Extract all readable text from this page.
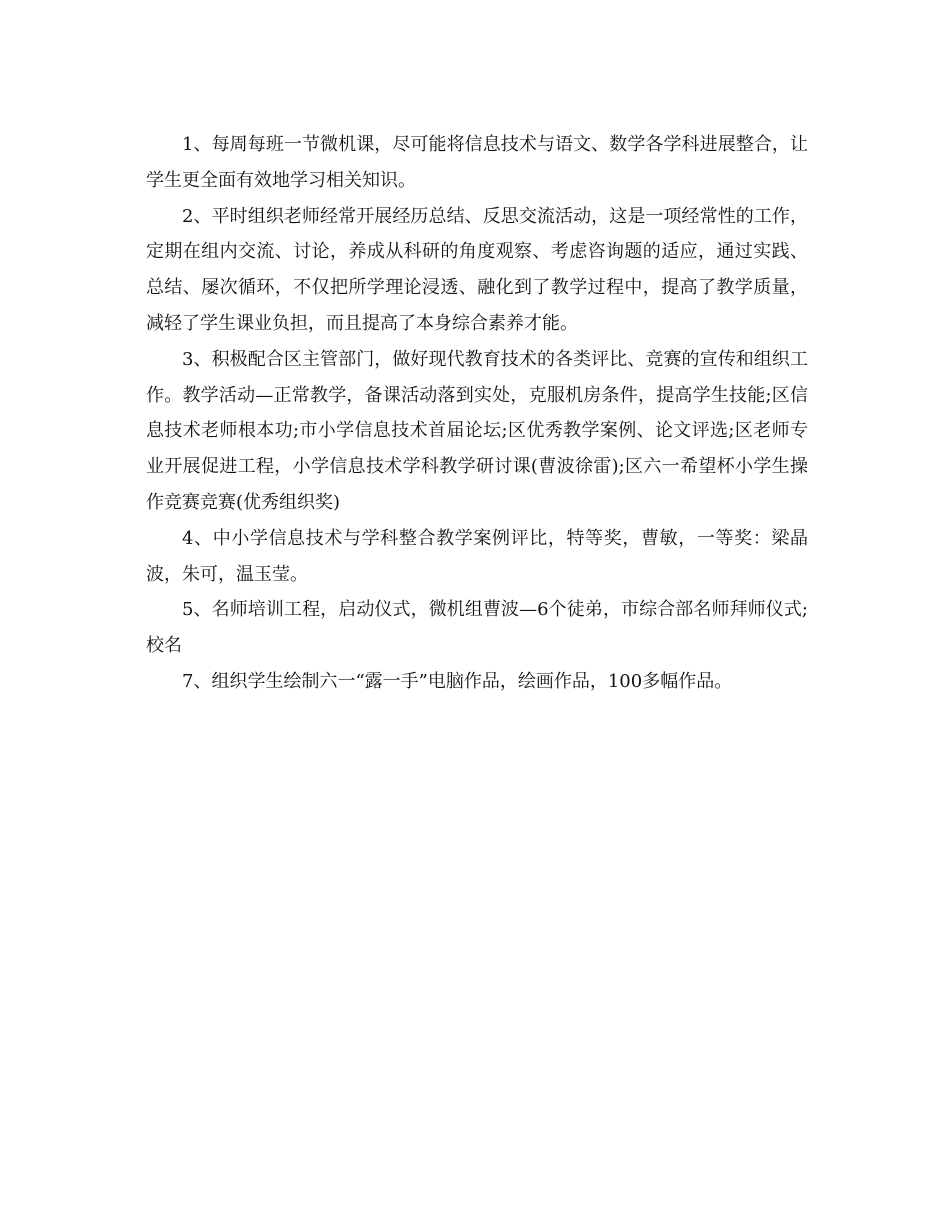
1、每周每班一节微机课，尽可能将信息技术与语文、数学各学科进展整合，让学生更全面有效地学习相关知识。

2、平时组织老师经常开展经历总结、反思交流活动，这是一项经常性的工作，定期在组内交流、讨论，养成从科研的角度观察、考虑咨询题的适应，通过实践、总结、屡次循环，不仅把所学理论浸透、融化到了教学过程中，提高了教学质量，减轻了学生课业负担，而且提高了本身综合素养才能。

3、积极配合区主管部门，做好现代教育技术的各类评比、竞赛的宣传和组织工作。教学活动—正常教学，备课活动落到实处，克服机房条件，提高学生技能;区信息技术老师根本功;市小学信息技术首届论坛;区优秀教学案例、论文评选;区老师专业开展促进工程，小学信息技术学科教学研讨课(曹波徐雷);区六一希望杯小学生操作竞赛竞赛(优秀组织奖)

4、中小学信息技术与学科整合教学案例评比，特等奖，曹敏，一等奖：梁晶波，朱可，温玉莹。

5、名师培训工程，启动仪式，微机组曹波—6个徒弟，市综合部名师拜师仪式;校名

7、组织学生绘制六一“露一手”电脑作品，绘画作品，100多幅作品。
